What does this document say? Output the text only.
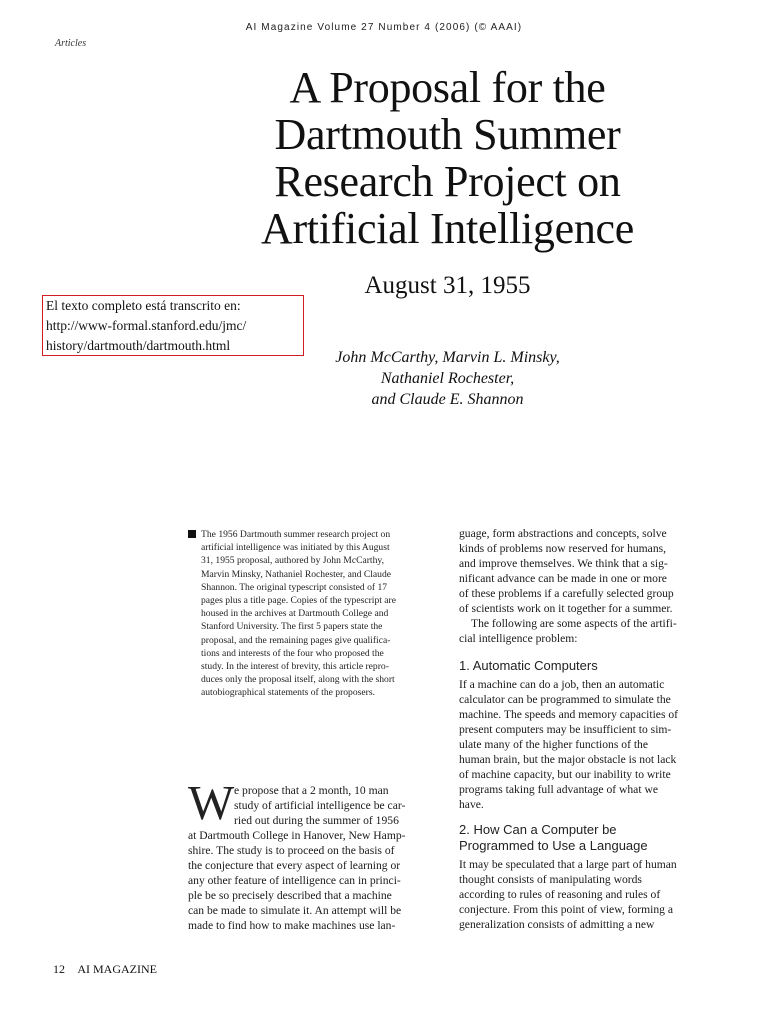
AI Magazine Volume 27 Number 4 (2006) (© AAAI)
Articles
A Proposal for the
Dartmouth Summer
Research Project on
Artificial Intelligence
August 31, 1955
El texto completo está transcrito en:
http://www-formal.stanford.edu/jmc/
history/dartmouth/dartmouth.html
John McCarthy, Marvin L. Minsky,
Nathaniel Rochester,
and Claude E. Shannon
The 1956 Dartmouth summer research project on
artificial intelligence was initiated by this August
31, 1955 proposal, authored by John McCarthy,
Marvin Minsky, Nathaniel Rochester, and Claude
Shannon. The original typescript consisted of 17
pages plus a title page. Copies of the typescript are
housed in the archives at Dartmouth College and
Stanford University. The first 5 papers state the
proposal, and the remaining pages give qualifica-
tions and interests of the four who proposed the
study. In the interest of brevity, this article repro-
duces only the proposal itself, along with the short
autobiographical statements of the proposers.
W e propose that a 2 month, 10 man
study of artificial intelligence be car-
ried out during the summer of 1956
at Dartmouth College in Hanover, New Hamp-
shire. The study is to proceed on the basis of
the conjecture that every aspect of learning or
any other feature of intelligence can in princi-
ple be so precisely described that a machine
can be made to simulate it. An attempt will be
made to find how to make machines use lan-
guage, form abstractions and concepts, solve
kinds of problems now reserved for humans,
and improve themselves. We think that a sig-
nificant advance can be made in one or more
of these problems if a carefully selected group
of scientists work on it together for a summer.
The following are some aspects of the artifi-
cial intelligence problem:
1. Automatic Computers
If a machine can do a job, then an automatic
calculator can be programmed to simulate the
machine. The speeds and memory capacities of
present computers may be insufficient to sim-
ulate many of the higher functions of the
human brain, but the major obstacle is not lack
of machine capacity, but our inability to write
programs taking full advantage of what we
have.
2. How Can a Computer be
Programmed to Use a Language
It may be speculated that a large part of human
thought consists of manipulating words
according to rules of reasoning and rules of
conjecture. From this point of view, forming a
generalization consists of admitting a new
12 AI MAGAZINE
